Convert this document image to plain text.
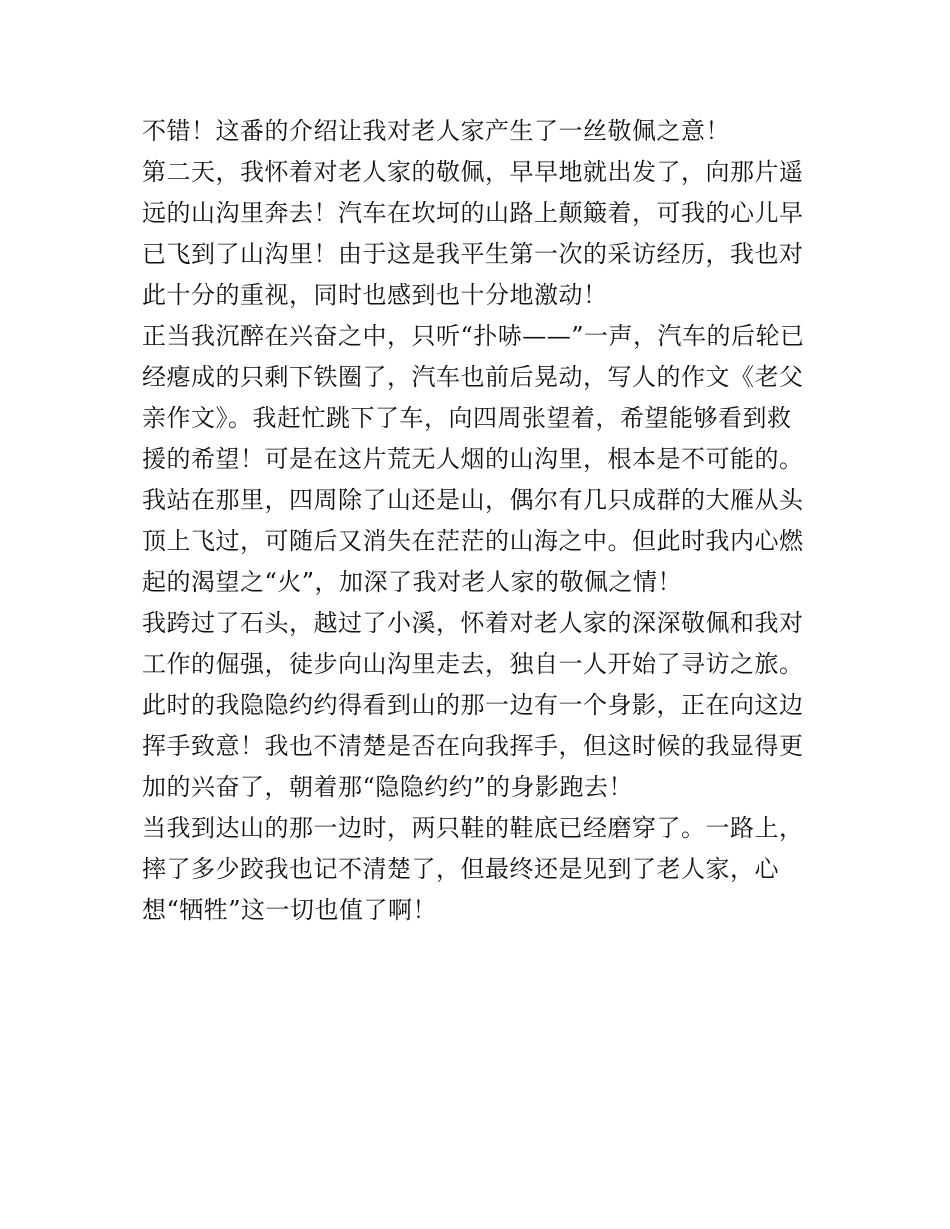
不错！这番的介绍让我对老人家产生了一丝敬佩之意！
第二天，我怀着对老人家的敬佩，早早地就出发了，向那片遥
远的山沟里奔去！汽车在坎坷的山路上颠簸着，可我的心儿早
已飞到了山沟里！由于这是我平生第一次的采访经历，我也对
此十分的重视，同时也感到也十分地激动！
正当我沉醉在兴奋之中，只听“扑哧——”一声，汽车的后轮已
经瘪成的只剩下铁圈了，汽车也前后晃动，写人的作文《老父
亲作文》。我赶忙跳下了车，向四周张望着，希望能够看到救
援的希望！可是在这片荒无人烟的山沟里，根本是不可能的。
我站在那里，四周除了山还是山，偶尔有几只成群的大雁从头
顶上飞过，可随后又消失在茫茫的山海之中。但此时我内心燃
起的渴望之“火”，加深了我对老人家的敬佩之情！
我跨过了石头，越过了小溪，怀着对老人家的深深敬佩和我对
工作的倔强，徒步向山沟里走去，独自一人开始了寻访之旅。
此时的我隐隐约约得看到山的那一边有一个身影，正在向这边
挥手致意！我也不清楚是否在向我挥手，但这时候的我显得更
加的兴奋了，朝着那“隐隐约约”的身影跑去！
当我到达山的那一边时，两只鞋的鞋底已经磨穿了。一路上，
摔了多少跤我也记不清楚了，但最终还是见到了老人家，心
想“牺牲”这一切也值了啊！
